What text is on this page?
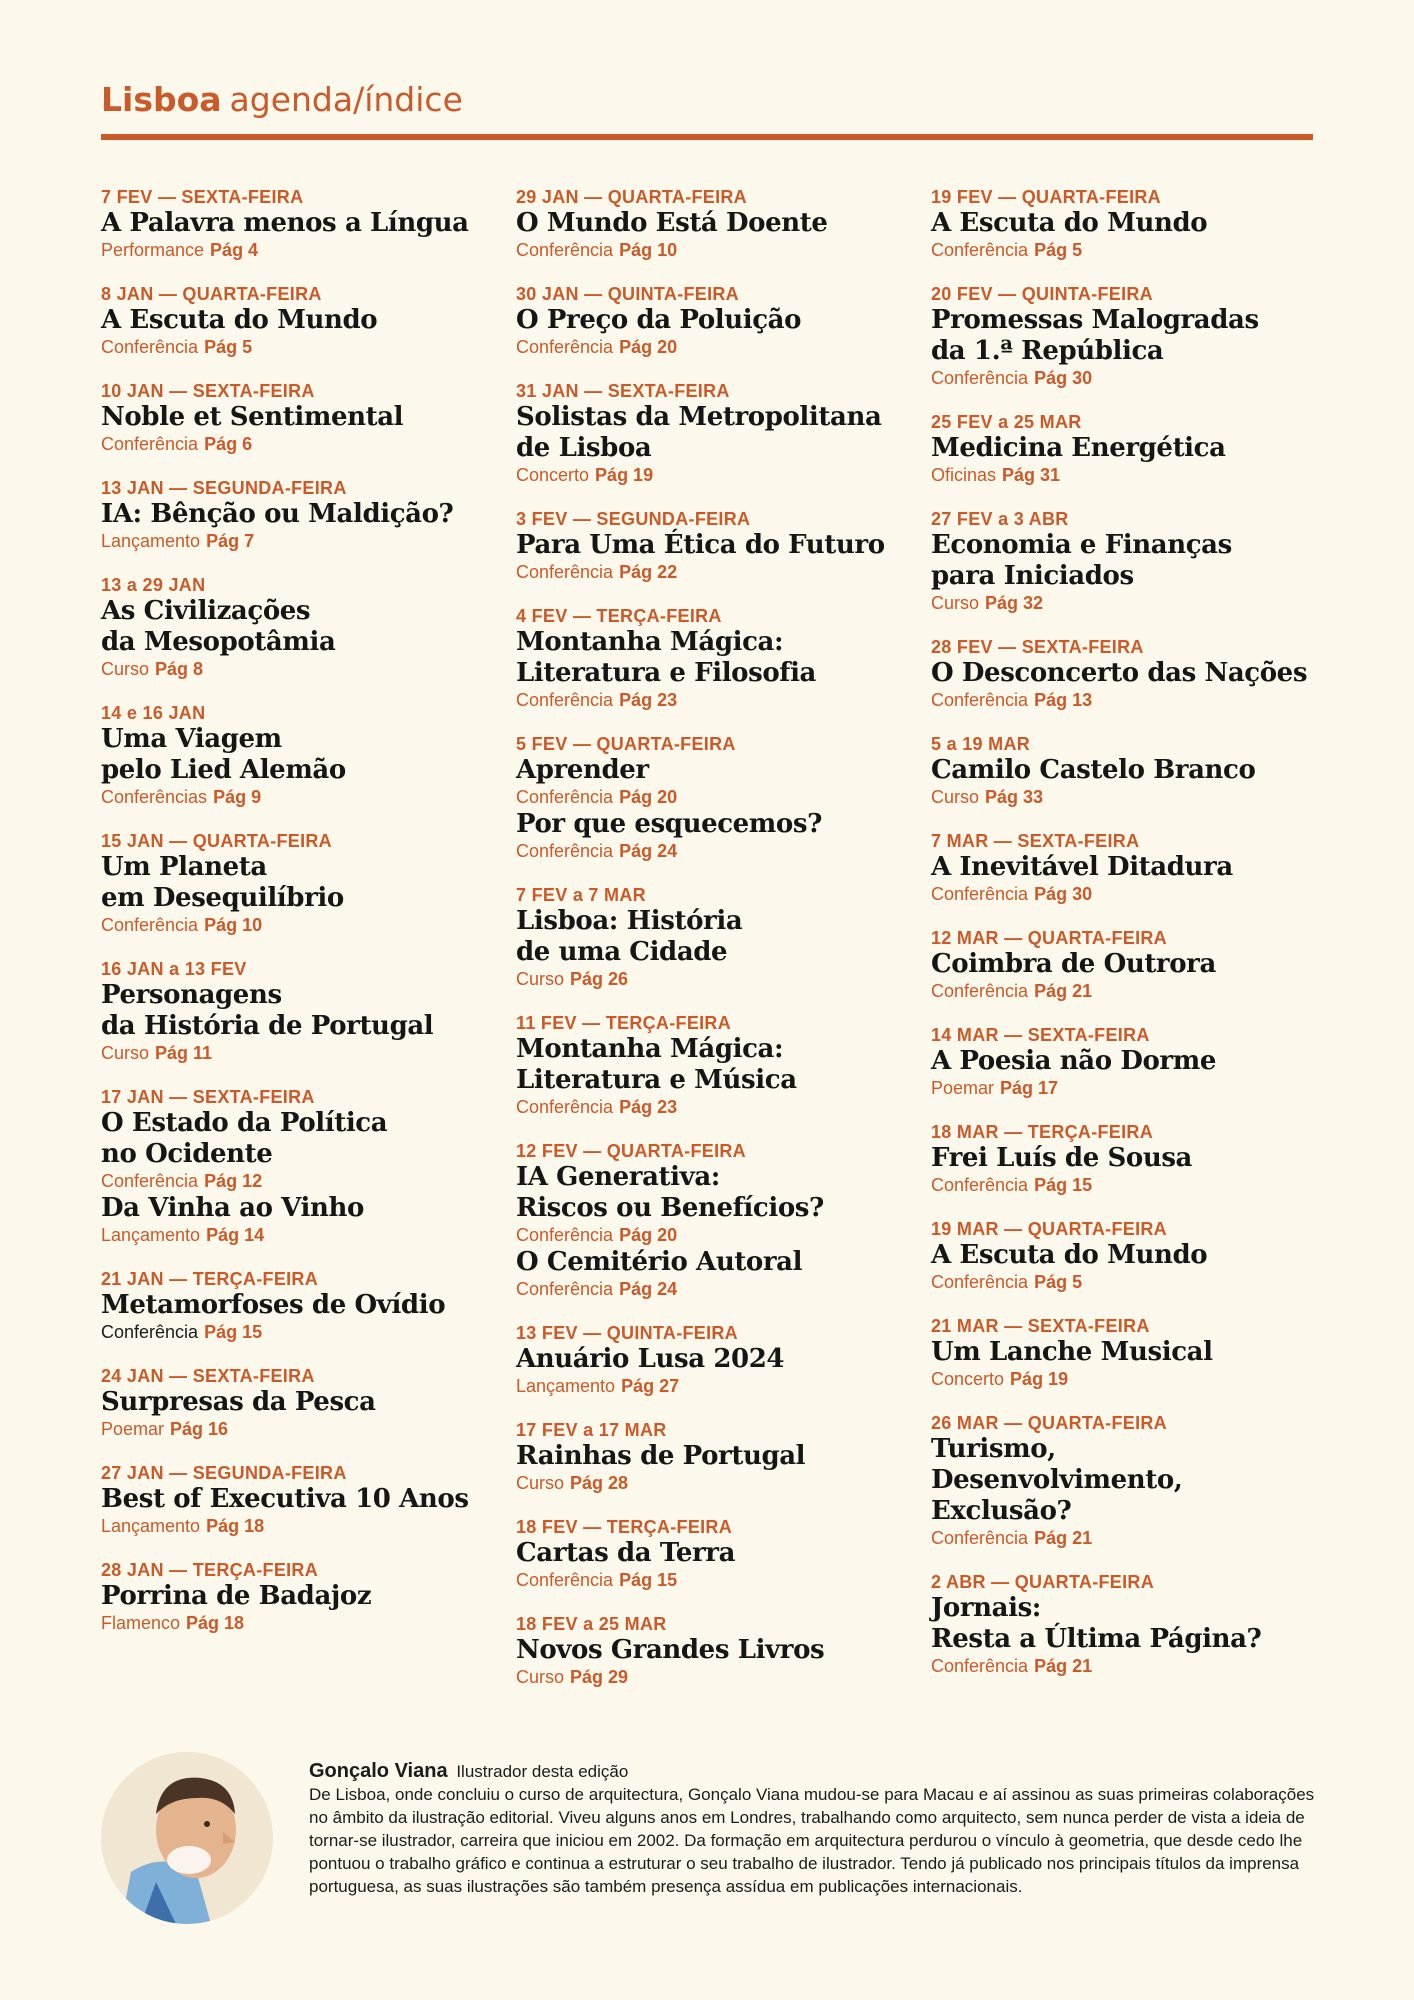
Lisboa agenda/índice
7 FEV — SEXTA-FEIRA
A Palavra menos a Língua
Performance Pág 4
8 JAN — QUARTA-FEIRA
A Escuta do Mundo
Conferência Pág 5
10 JAN — SEXTA-FEIRA
Noble et Sentimental
Conferência Pág 6
13 JAN — SEGUNDA-FEIRA
IA: Bênção ou Maldição?
Lançamento Pág 7
13 a 29 JAN
As Civilizações
da Mesopotâmia
Curso Pág 8
14 e 16 JAN
Uma Viagem
pelo Lied Alemão
Conferências Pág 9
15 JAN — QUARTA-FEIRA
Um Planeta
em Desequilíbrio
Conferência Pág 10
16 JAN a 13 FEV
Personagens
da História de Portugal
Curso Pág 11
17 JAN — SEXTA-FEIRA
O Estado da Política
no Ocidente
Conferência Pág 12
Da Vinha ao Vinho
Lançamento Pág 14
21 JAN — TERÇA-FEIRA
Metamorfoses de Ovídio
Conferência Pág 15
24 JAN — SEXTA-FEIRA
Surpresas da Pesca
Poemar Pág 16
27 JAN — SEGUNDA-FEIRA
Best of Executiva 10 Anos
Lançamento Pág 18
28 JAN — TERÇA-FEIRA
Porrina de Badajoz
Flamenco Pág 18
29 JAN — QUARTA-FEIRA
O Mundo Está Doente
Conferência Pág 10
30 JAN — QUINTA-FEIRA
O Preço da Poluição
Conferência Pág 20
31 JAN — SEXTA-FEIRA
Solistas da Metropolitana
de Lisboa
Concerto Pág 19
3 FEV — SEGUNDA-FEIRA
Para Uma Ética do Futuro
Conferência Pág 22
4 FEV — TERÇA-FEIRA
Montanha Mágica:
Literatura e Filosofia
Conferência Pág 23
5 FEV — QUARTA-FEIRA
Aprender
Conferência Pág 20
Por que esquecemos?
Conferência Pág 24
7 FEV a 7 MAR
Lisboa: História
de uma Cidade
Curso Pág 26
11 FEV — TERÇA-FEIRA
Montanha Mágica:
Literatura e Música
Conferência Pág 23
12 FEV — QUARTA-FEIRA
IA Generativa:
Riscos ou Benefícios?
Conferência Pág 20
O Cemitério Autoral
Conferência Pág 24
13 FEV — QUINTA-FEIRA
Anuário Lusa 2024
Lançamento Pág 27
17 FEV a 17 MAR
Rainhas de Portugal
Curso Pág 28
18 FEV — TERÇA-FEIRA
Cartas da Terra
Conferência Pág 15
18 FEV a 25 MAR
Novos Grandes Livros
Curso Pág 29
19 FEV — QUARTA-FEIRA
A Escuta do Mundo
Conferência Pág 5
20 FEV — QUINTA-FEIRA
Promessas Malogradas
da 1.ª República
Conferência Pág 30
25 FEV a 25 MAR
Medicina Energética
Oficinas Pág 31
27 FEV a 3 ABR
Economia e Finanças
para Iniciados
Curso Pág 32
28 FEV — SEXTA-FEIRA
O Desconcerto das Nações
Conferência Pág 13
5 a 19 MAR
Camilo Castelo Branco
Curso Pág 33
7 MAR — SEXTA-FEIRA
A Inevitável Ditadura
Conferência Pág 30
12 MAR — QUARTA-FEIRA
Coimbra de Outrora
Conferência Pág 21
14 MAR — SEXTA-FEIRA
A Poesia não Dorme
Poemar Pág 17
18 MAR — TERÇA-FEIRA
Frei Luís de Sousa
Conferência Pág 15
19 MAR — QUARTA-FEIRA
A Escuta do Mundo
Conferência Pág 5
21 MAR — SEXTA-FEIRA
Um Lanche Musical
Concerto Pág 19
26 MAR — QUARTA-FEIRA
Turismo,
Desenvolvimento,
Exclusão?
Conferência Pág 21
2 ABR — QUARTA-FEIRA
Jornais:
Resta a Última Página?
Conferência Pág 21
Gonçalo Viana Ilustrador desta edição

De Lisboa, onde concluiu o curso de arquitectura, Gonçalo Viana mudou-se para Macau e aí assinou as suas primeiras colaborações no âmbito da ilustração editorial. Viveu alguns anos em Londres, trabalhando como arquitecto, sem nunca perder de vista a ideia de tornar-se ilustrador, carreira que iniciou em 2002. Da formação em arquitectura perdurou o vínculo à geometria, que desde cedo lhe pontuou o trabalho gráfico e continua a estruturar o seu trabalho de ilustrador. Tendo já publicado nos principais títulos da imprensa portuguesa, as suas ilustrações são também presença assídua em publicações internacionais.
